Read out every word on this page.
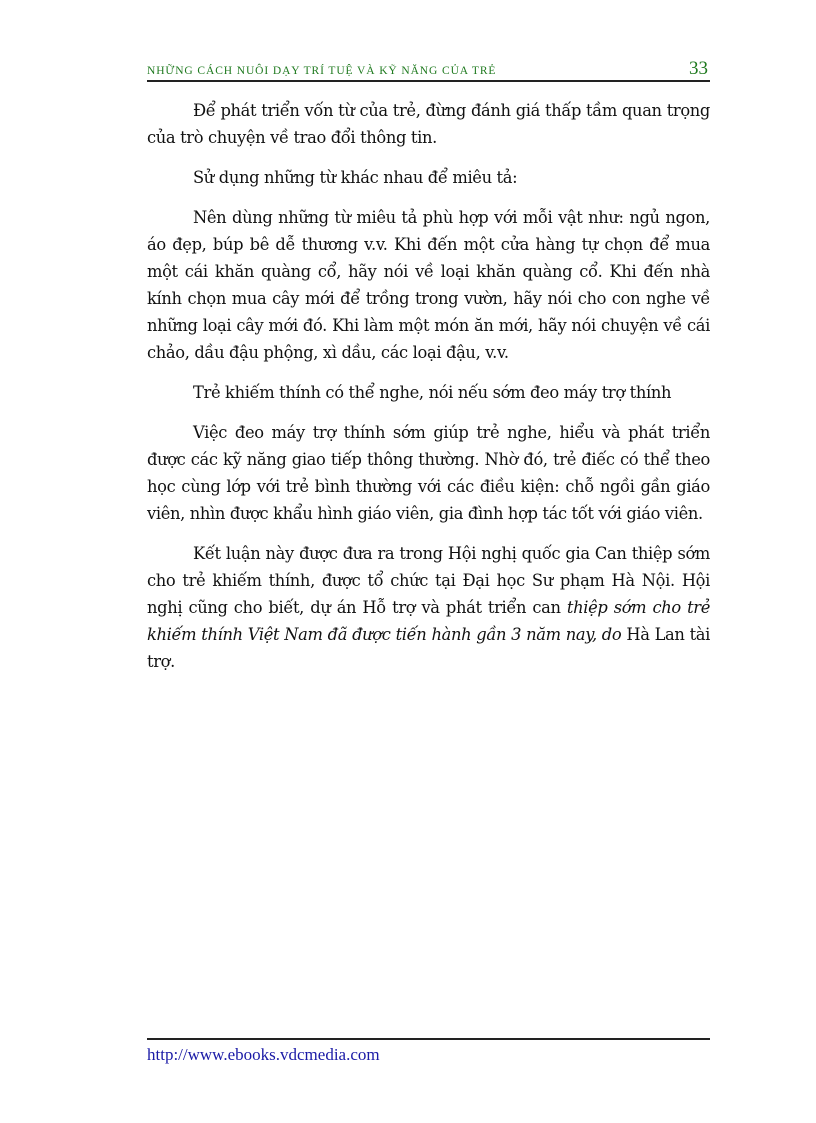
NHỮNG CÁCH NUÔI DẠY TRÍ TUỆ VÀ KỸ NĂNG CỦA TRẺ	33

Để phát triển vốn từ của trẻ, đừng đánh giá thấp tầm quan trọng của trò chuyện về trao đổi thông tin.

Sử dụng những từ khác nhau để miêu tả:

Nên dùng những từ miêu tả phù hợp với mỗi vật như: ngủ ngon, áo đẹp, búp bê dễ thương v.v. Khi đến một cửa hàng tự chọn để mua một cái khăn quàng cổ, hãy nói về loại khăn quàng cổ. Khi đến nhà kính chọn mua cây mới để trồng trong vườn, hãy nói cho con nghe về những loại cây mới đó. Khi làm một món ăn mới, hãy nói chuyện về cái chảo, dầu đậu phộng, xì dầu, các loại đậu, v.v.

Trẻ khiếm thính có thể nghe, nói nếu sớm đeo máy trợ thính

Việc đeo máy trợ thính sớm giúp trẻ nghe, hiểu và phát triển được các kỹ năng giao tiếp thông thường. Nhờ đó, trẻ điếc có thể theo học cùng lớp với trẻ bình thường với các điều kiện: chỗ ngồi gần giáo viên, nhìn được khẩu hình giáo viên, gia đình hợp tác tốt với giáo viên.

Kết luận này được đưa ra trong Hội nghị quốc gia Can thiệp sớm cho trẻ khiếm thính, được tổ chức tại Đại học Sư phạm Hà Nội. Hội nghị cũng cho biết, dự án Hỗ trợ và phát triển can thiệp sớm cho trẻ khiếm thính Việt Nam đã được tiến hành gần 3 năm nay, do Hà Lan tài trợ.

http://www.ebooks.vdcmedia.com
